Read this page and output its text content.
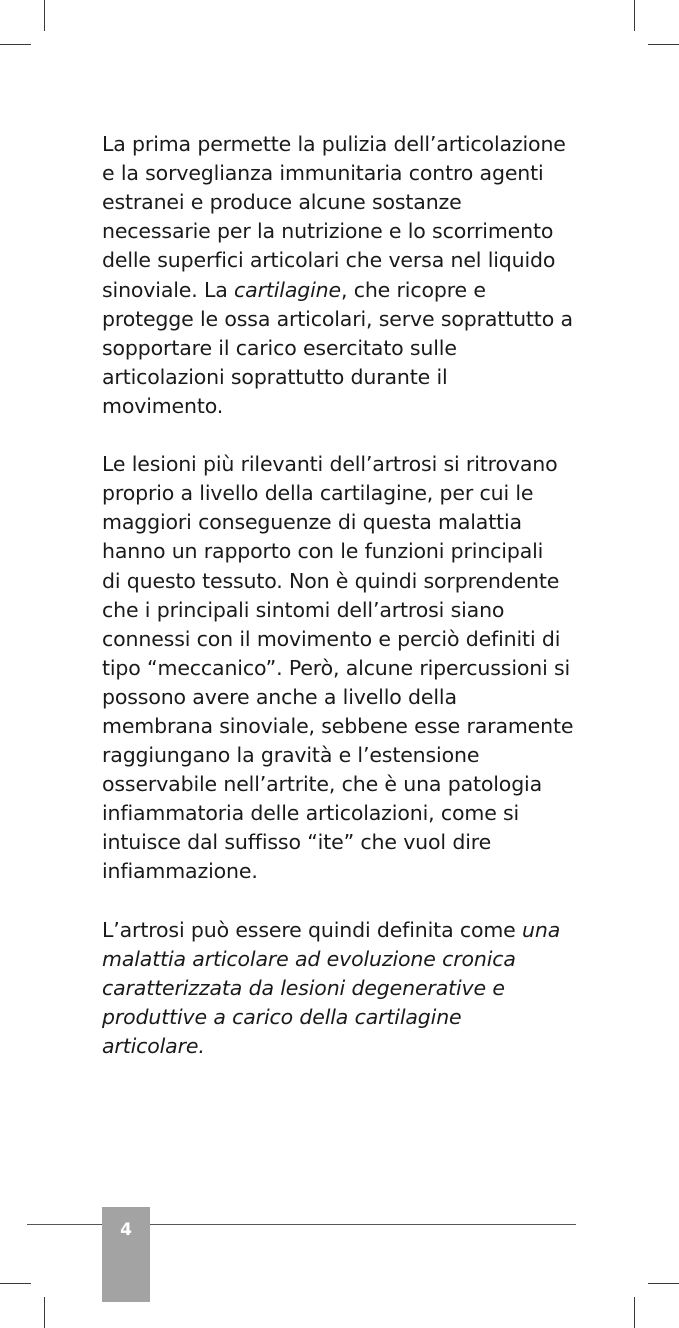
La prima permette la pulizia dell’articolazione
e la sorveglianza immunitaria contro agenti
estranei e produce alcune sostanze
necessarie per la nutrizione e lo scorrimento
delle superfici articolari che versa nel liquido
sinoviale. La cartilagine, che ricopre e
protegge le ossa articolari, serve soprattutto a
sopportare il carico esercitato sulle
articolazioni soprattutto durante il
movimento.

Le lesioni più rilevanti dell’artrosi si ritrovano
proprio a livello della cartilagine, per cui le
maggiori conseguenze di questa malattia
hanno un rapporto con le funzioni principali
di questo tessuto. Non è quindi sorprendente
che i principali sintomi dell’artrosi siano
connessi con il movimento e perciò definiti di
tipo “meccanico”. Però, alcune ripercussioni si
possono avere anche a livello della
membrana sinoviale, sebbene esse raramente
raggiungano la gravità e l’estensione
osservabile nell’artrite, che è una patologia
infiammatoria delle articolazioni, come si
intuisce dal suffisso “ite” che vuol dire
infiammazione.

L’artrosi può essere quindi definita come una
malattia articolare ad evoluzione cronica
caratterizzata da lesioni degenerative e
produttive a carico della cartilagine
articolare.

4
